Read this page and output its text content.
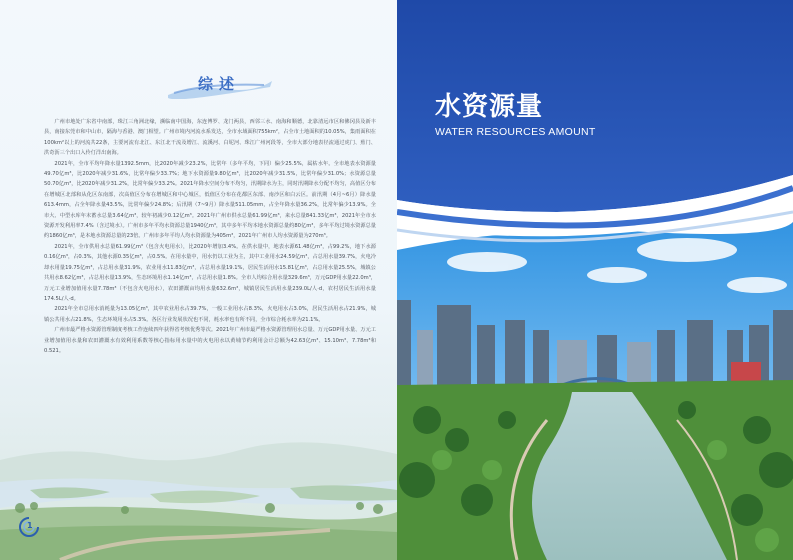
综述

广州市地处广东省中南部，珠江三角洲北缘，濒临南中国海，东连博罗、龙门两县，西邻三水、南海和顺德，北靠清远市区和佛冈县及新丰县，南接东莞市和中山市，隔海与香港、澳门相望。广州市境内河流水系发达，全市水域面积755km²，占全市土地面积的10.05%，集雨面积在100km²以上的河流共22条，主要河流有北江、东江北干流及增江、流溪河、白坭河、珠江广州河段等，全市大部分地表径流通过虎门、蕉门、洪奇沥三个出口入伶仃洋出南海。

2021年，全市平均年降水量1392.5mm，比2020年减少23.2%，比常年（多年平均，下同）偏少25.5%，属枯水年。全市地表水资源量49.70亿m³，比2020年减少31.6%，比常年偏少33.7%；地下水资源量9.80亿m³，比2020年减少31.5%，比常年偏少31.0%；水资源总量50.70亿m³，比2020年减少31.2%，比常年偏少33.2%。2021年降水空间分布不均匀，汛期降水为主，同时汛期降水分配不均匀，高值区分布在增城区北部和从化区东南部，次高值区分布在增城区和中心城区，低值区分布在花都区东部、南沙区和白云区。前汛期（4月~6月）降水量613.4mm，占全年降水量43.5%，比常年偏少24.8%；后汛期（7~9月）降水量511.05mm，占全年降水量36.2%，比常年偏少13.9%。全市大、中型水库年末蓄水总量3.64亿m³，较年初减少0.12亿m³。2021年广州市供水总量61.99亿m³，来水总量841.33亿m³，2021年全市水资源开发利用率7.4%（含过境水）。广州市多年平均水资源总量1940亿m³，其中多年平均本地水资源总量约80亿m³，多年平均过境水资源总量约1860亿m³，是本地水资源总量的23倍。广州市多年平均人均水资源量为405m³，2021年广州市人均水资源量为270m³。

2021年，全市供用水总量61.99亿m³（包含火电用水），比2020年增加3.4%。在供水量中，地表水源61.48亿m³，占99.2%，地下水源0.16亿m³，占0.3%，其他水源0.35亿m³，占0.5%。在用水量中，用水仍以工业为主，其中工业用水24.59亿m³，占总用水量39.7%，火电冷却水用量19.75亿m³，占总用水量31.9%，农业用水11.83亿m³，占总用水量19.1%，居民生活用水15.81亿m³，占总用水量25.5%，城镇公共用水8.62亿m³，占总用水量13.9%，生态环境用水1.14亿m³，占总用水量1.8%。全市人均综合用水量329.6m³，万元GDP用水量22.0m³，万元工业增加值用水量7.78m³（不包含火电用水），农田灌溉亩均用水量632.6m³，城镇居民生活用水量239.0L/人·d，农村居民生活用水量174.5L/人·d。

2021年全市总用水消耗量为13.05亿m³，其中农业用水占39.7%，一般工业用水占8.3%，火电用水占3.0%，居民生活用水占21.9%，城镇公共用水占21.8%，生态环境用水占5.3%。各区行业发展状况也不同，耗水率也有所不同，全市综合耗水率为21.1%。

广州市最严格水资源管理制度考核工作连续四年获得省考核优秀等次。2021年广州市最严格水资源管理用水总量、万元GDP用水量、万元工业增加值用水量和农田灌溉水有效利用系数等核心指标用水量中的火电用水以黄埔节约利用会计总额为42.63亿m³、15.10m³、7.78m³和0.521。

1
水资源量
WATER RESOURCES AMOUNT
